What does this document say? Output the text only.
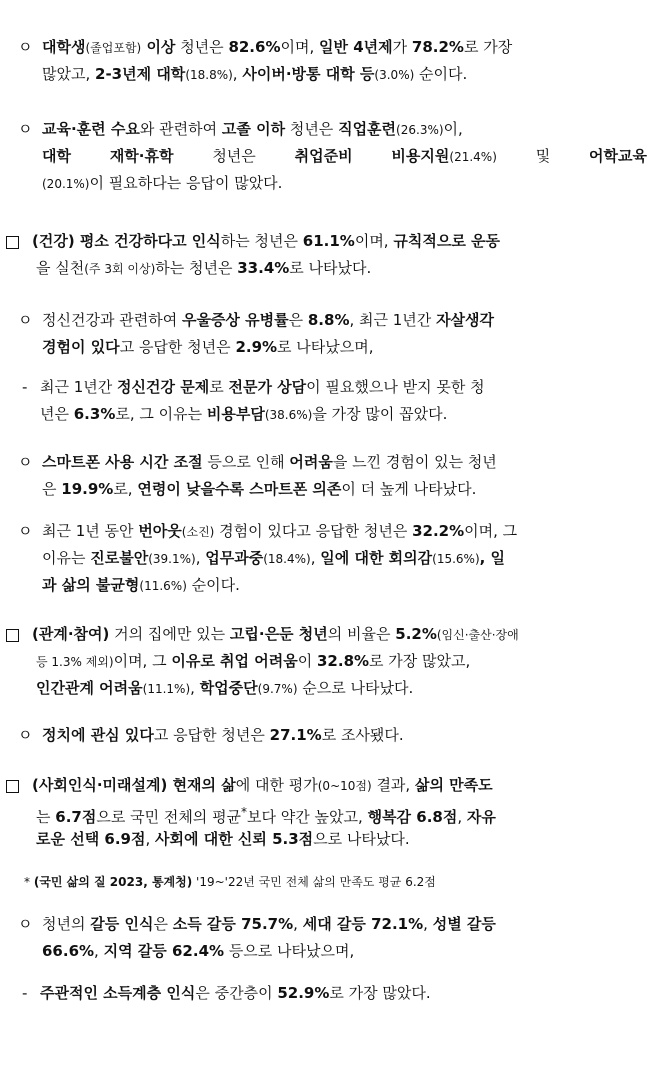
ㅇ 대학생(졸업포함) 이상 청년은 82.6%이며, 일반 4년제가 78.2%로 가장
많았고, 2-3년제 대학(18.8%), 사이버·방통 대학 등(3.0%) 순이다.
ㅇ 교육·훈련 수요와 관련하여 고졸 이하 청년은 직업훈련(26.3%)이,
대학	재학·휴학	청년은	취업준비	비용지원(21.4%)	및	어학교육
(20.1%)이 필요하다는 응답이 많았다.
(건강) 평소 건강하다고 인식하는 청년은 61.1%이며, 규칙적으로 운동
을 실천(주 3회 이상)하는 청년은 33.4%로 나타났다.
ㅇ 정신건강과 관련하여 우울증상 유병률은 8.8%, 최근 1년간 자살생각
경험이 있다고 응답한 청년은 2.9%로 나타났으며,
- 최근 1년간 정신건강 문제로 전문가 상담이 필요했으나 받지 못한 청
년은 6.3%로, 그 이유는 비용부담(38.6%)을 가장 많이 꼽았다.
ㅇ 스마트폰 사용 시간 조절 등으로 인해 어려움을 느낀 경험이 있는 청년
은 19.9%로, 연령이 낮을수록 스마트폰 의존이 더 높게 나타났다.
ㅇ 최근 1년 동안 번아웃(소진) 경험이 있다고 응답한 청년은 32.2%이며, 그
이유는 진로불안(39.1%), 업무과중(18.4%), 일에 대한 회의감(15.6%), 일
과 삶의 불균형(11.6%) 순이다.
(관계·참여) 거의 집에만 있는 고립·은둔 청년의 비율은 5.2%(임신·출산·장애
등 1.3% 제외)이며, 그 이유로 취업 어려움이 32.8%로 가장 많았고,
인간관계 어려움(11.1%), 학업중단(9.7%) 순으로 나타났다.
ㅇ 정치에 관심 있다고 응답한 청년은 27.1%로 조사됐다.
(사회인식·미래설계) 현재의 삶에 대한 평가(0~10점) 결과, 삶의 만족도
는 6.7점으로 국민 전체의 평균*보다 약간 높았고, 행복감 6.8점, 자유
로운 선택 6.9점, 사회에 대한 신뢰 5.3점으로 나타났다.
* (국민 삶의 질 2023, 통계청) '19~'22년 국민 전체 삶의 만족도 평균 6.2점
ㅇ 청년의 갈등 인식은 소득 갈등 75.7%, 세대 갈등 72.1%, 성별 갈등
66.6%, 지역 갈등 62.4% 등으로 나타났으며,
- 주관적인 소득계층 인식은 중간층이 52.9%로 가장 많았다.
